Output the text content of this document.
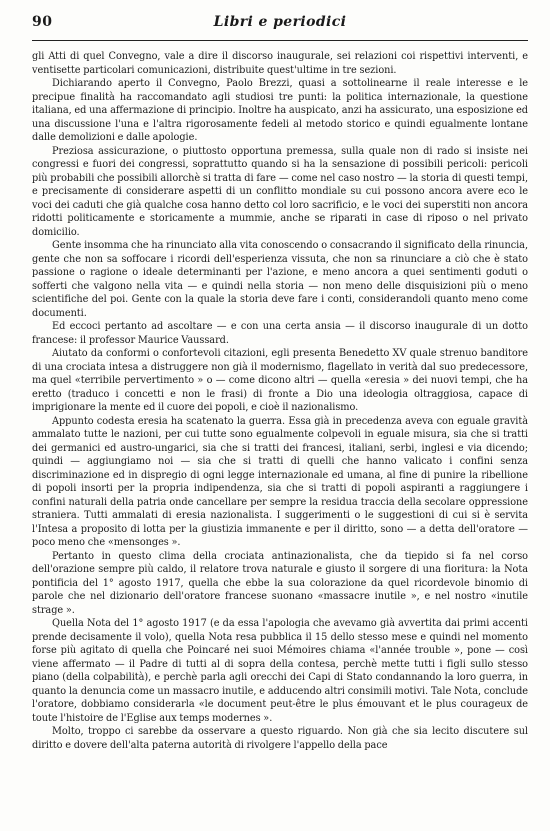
90	Libri e periodici

gli Atti di quel Convegno, vale a dire il discorso inaugurale, sei relazioni coi rispettivi interventi, e ventisette particolari comunicazioni, distribuite quest'ultime in tre sezioni.

Dichiarando aperto il Convegno, Paolo Brezzi, quasi a sottolinearne il reale interesse e le precipue finalità ha raccomandato agli studiosi tre punti: la politica internazionale, la questione italiana, ed una affermazione di principio. Inoltre ha auspicato, anzi ha assicurato, una esposizione ed una discussione l'una e l'altra rigorosamente fedeli al metodo storico e quindi egualmente lontane dalle demolizioni e dalle apologie.

Preziosa assicurazione, o piuttosto opportuna premessa, sulla quale non di rado si insiste nei congressi e fuori dei congressi, soprattutto quando si ha la sensazione di possibili pericoli: pericoli più probabili che possibili allorchè si tratta di fare — come nel caso nostro — la storia di questi tempi, e precisamente di considerare aspetti di un conflitto mondiale su cui possono ancora avere eco le voci dei caduti che già qualche cosa hanno detto col loro sacrificio, e le voci dei superstiti non ancora ridotti politicamente e storicamente a mummie, anche se riparati in case di riposo o nel privato domicilio.

Gente insomma che ha rinunciato alla vita conoscendo o consacrando il significato della rinuncia, gente che non sa soffocare i ricordi dell'esperienza vissuta, che non sa rinunciare a ciò che è stato passione o ragione o ideale determinanti per l'azione, e meno ancora a quei sentimenti goduti o sofferti che valgono nella vita — e quindi nella storia — non meno delle disquisizioni più o meno scientifiche del poi. Gente con la quale la storia deve fare i conti, considerandoli quanto meno come documenti.

Ed eccoci pertanto ad ascoltare — e con una certa ansia — il discorso inaugurale di un dotto francese: il professor Maurice Vaussard.

Aiutato da conformi o confortevoli citazioni, egli presenta Benedetto XV quale strenuo banditore di una crociata intesa a distruggere non già il modernismo, flagellato in verità dal suo predecessore, ma quel «terribile pervertimento » o — come dicono altri — quella «eresia » dei nuovi tempi, che ha eretto (traduco i concetti e non le frasi) di fronte a Dio una ideologia oltraggiosa, capace di imprigionare la mente ed il cuore dei popoli, e cioè il nazionalismo.

Appunto codesta eresia ha scatenato la guerra. Essa già in precedenza aveva con eguale gravità ammalato tutte le nazioni, per cui tutte sono egualmente colpevoli in eguale misura, sia che si tratti dei germanici ed austro-ungarici, sia che si tratti dei francesi, italiani, serbi, inglesi e via dicendo; quindi — aggiungiamo noi — sia che si tratti di quelli che hanno valicato i confini senza discriminazione ed in dispregio di ogni legge internazionale ed umana, al fine di punire la ribellione di popoli insorti per la propria indipendenza, sia che si tratti di popoli aspiranti a raggiungere i confini naturali della patria onde cancellare per sempre la residua traccia della secolare oppressione straniera. Tutti ammalati di eresia nazionalista. I suggerimenti o le suggestioni di cui si è servita l'Intesa a proposito di lotta per la giustizia immanente e per il diritto, sono — a detta dell'oratore — poco meno che «mensonges ».

Pertanto in questo clima della crociata antinazionalista, che da tiepido si fa nel corso dell'orazione sempre più caldo, il relatore trova naturale e giusto il sorgere di una fioritura: la Nota pontificia del 1° agosto 1917, quella che ebbe la sua colorazione da quel ricordevole binomio di parole che nel dizionario dell'oratore francese suonano «massacre inutile », e nel nostro «inutile strage ».

Quella Nota del 1° agosto 1917 (e da essa l'apologia che avevamo già avvertita dai primi accenti prende decisamente il volo), quella Nota resa pubblica il 15 dello stesso mese e quindi nel momento forse più agitato di quella che Poincaré nei suoi Mémoires chiama «l'année trouble », pone — così viene affermato — il Padre di tutti al di sopra della contesa, perchè mette tutti i figli sullo stesso piano (della colpabilità), e perchè parla agli orecchi dei Capi di Stato condannando la loro guerra, in quanto la denuncia come un massacro inutile, e adducendo altri consimili motivi. Tale Nota, conclude l'oratore, dobbiamo considerarla «le document peut-être le plus émouvant et le plus courageux de toute l'histoire de l'Eglise aux temps modernes ».

Molto, troppo ci sarebbe da osservare a questo riguardo. Non già che sia lecito discutere sul diritto e dovere dell'alta paterna autorità di rivolgere l'appello della pace
